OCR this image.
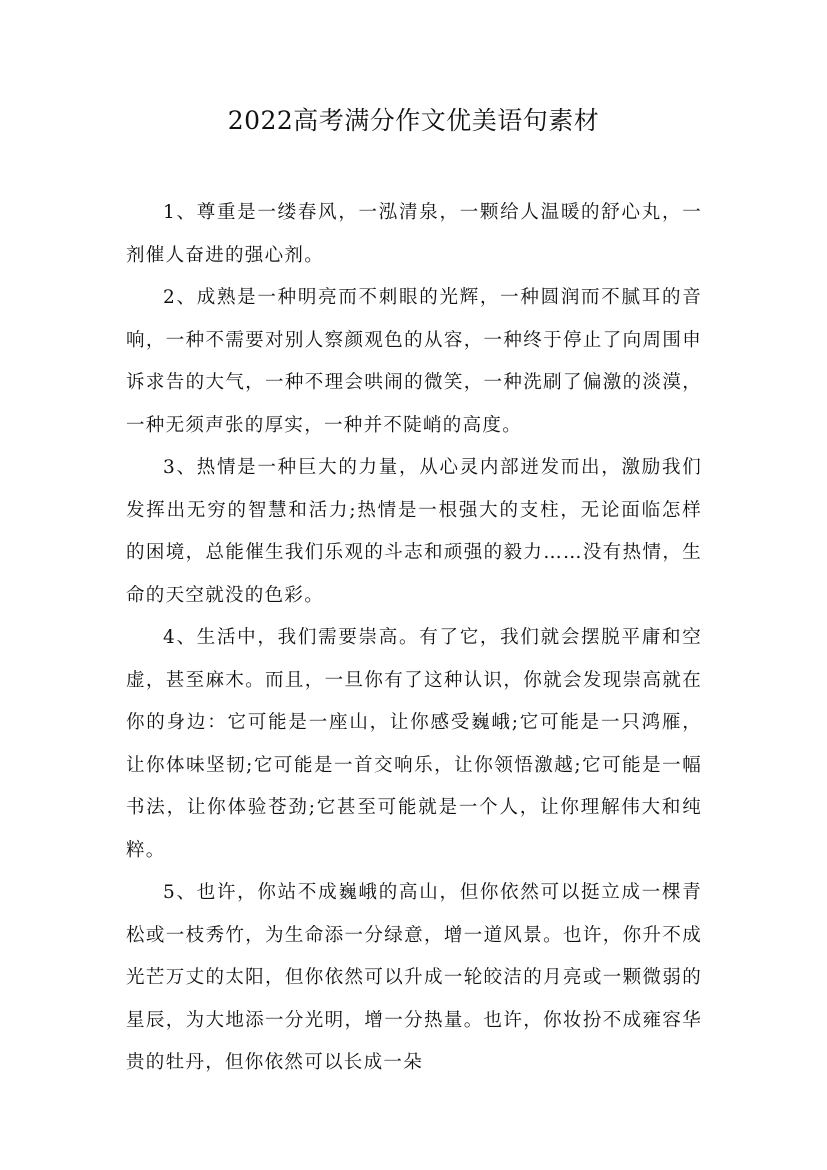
2022高考满分作文优美语句素材

1、尊重是一缕春风，一泓清泉，一颗给人温暖的舒心丸，一剂催人奋进的强心剂。

2、成熟是一种明亮而不刺眼的光辉，一种圆润而不腻耳的音响，一种不需要对别人察颜观色的从容，一种终于停止了向周围申诉求告的大气，一种不理会哄闹的微笑，一种洗刷了偏激的淡漠，一种无须声张的厚实，一种并不陡峭的高度。

3、热情是一种巨大的力量，从心灵内部迸发而出，激励我们发挥出无穷的智慧和活力;热情是一根强大的支柱，无论面临怎样的困境，总能催生我们乐观的斗志和顽强的毅力……没有热情，生命的天空就没的色彩。

4、生活中，我们需要崇高。有了它，我们就会摆脱平庸和空虚，甚至麻木。而且，一旦你有了这种认识，你就会发现崇高就在你的身边：它可能是一座山，让你感受巍峨;它可能是一只鸿雁，让你体味坚韧;它可能是一首交响乐，让你领悟激越;它可能是一幅书法，让你体验苍劲;它甚至可能就是一个人，让你理解伟大和纯粹。

5、也许，你站不成巍峨的高山，但你依然可以挺立成一棵青松或一枝秀竹，为生命添一分绿意，增一道风景。也许，你升不成光芒万丈的太阳，但你依然可以升成一轮皎洁的月亮或一颗微弱的星辰，为大地添一分光明，增一分热量。也许，你妆扮不成雍容华贵的牡丹，但你依然可以长成一朵
